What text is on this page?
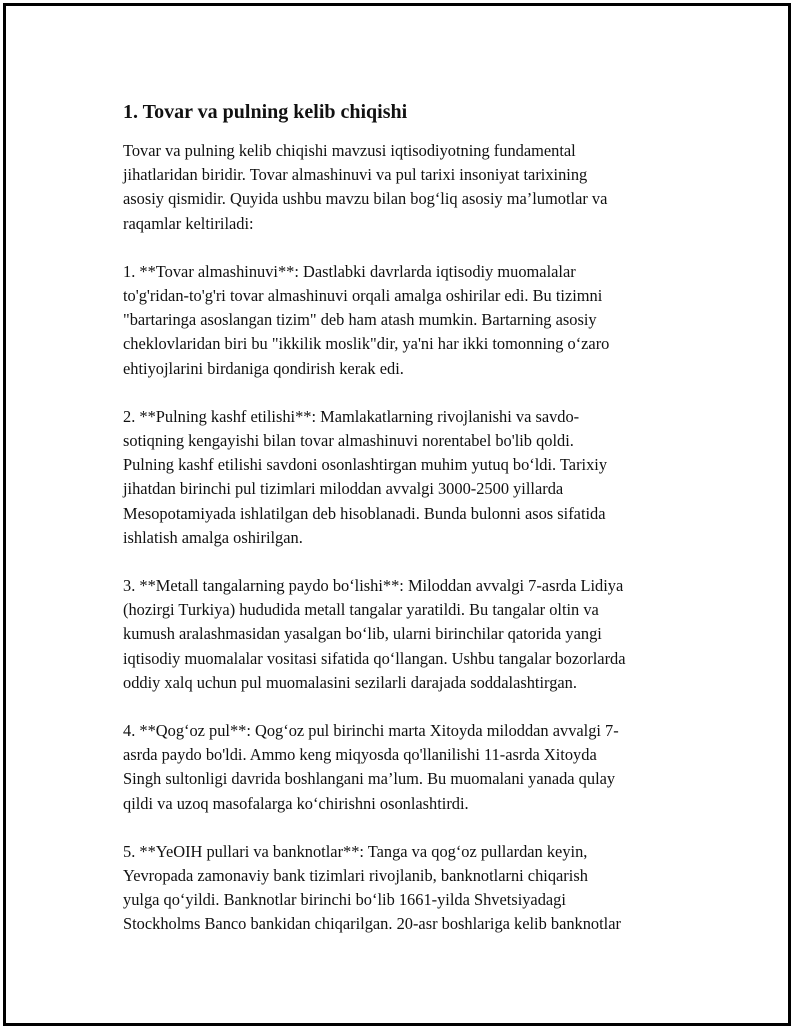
1. Tovar va pulning kelib chiqishi

Tovar va pulning kelib chiqishi mavzusi iqtisodiyotning fundamental
jihatlaridan biridir. Tovar almashinuvi va pul tarixi insoniyat tarixining
asosiy qismidir. Quyida ushbu mavzu bilan bog‘liq asosiy ma’lumotlar va
raqamlar keltiriladi:

1. **Tovar almashinuvi**: Dastlabki davrlarda iqtisodiy muomalalar
to'g'ridan-to'g'ri tovar almashinuvi orqali amalga oshirilar edi. Bu tizimni
"bartaringa asoslangan tizim" deb ham atash mumkin. Bartarning asosiy
cheklovlaridan biri bu "ikkilik moslik"dir, ya'ni har ikki tomonning o‘zaro
ehtiyojlarini birdaniga qondirish kerak edi.

2. **Pulning kashf etilishi**: Mamlakatlarning rivojlanishi va savdo-
sotiqning kengayishi bilan tovar almashinuvi norentabel bo'lib qoldi.
Pulning kashf etilishi savdoni osonlashtirgan muhim yutuq bo‘ldi. Tarixiy
jihatdan birinchi pul tizimlari miloddan avvalgi 3000-2500 yillarda
Mesopotamiyada ishlatilgan deb hisoblanadi. Bunda bulonni asos sifatida
ishlatish amalga oshirilgan.

3. **Metall tangalarning paydo bo‘lishi**: Miloddan avvalgi 7-asrda Lidiya
(hozirgi Turkiya) hududida metall tangalar yaratildi. Bu tangalar oltin va
kumush aralashmasidan yasalgan bo‘lib, ularni birinchilar qatorida yangi
iqtisodiy muomalalar vositasi sifatida qo‘llangan. Ushbu tangalar bozorlarda
oddiy xalq uchun pul muomalasini sezilarli darajada soddalashtirgan.

4. **Qog‘oz pul**: Qog‘oz pul birinchi marta Xitoyda miloddan avvalgi 7-
asrda paydo bo'ldi. Ammo keng miqyosda qo'llanilishi 11-asrda Xitoyda
Singh sultonligi davrida boshlangani ma’lum. Bu muomalani yanada qulay
qildi va uzoq masofalarga ko‘chirishni osonlashtirdi.

5. **YeOIH pullari va banknotlar**: Tanga va qog‘oz pullardan keyin,
Yevropada zamonaviy bank tizimlari rivojlanib, banknotlarni chiqarish
yulga qo‘yildi. Banknotlar birinchi bo‘lib 1661-yilda Shvetsiyadagi
Stockholms Banco bankidan chiqarilgan. 20-asr boshlariga kelib banknotlar
